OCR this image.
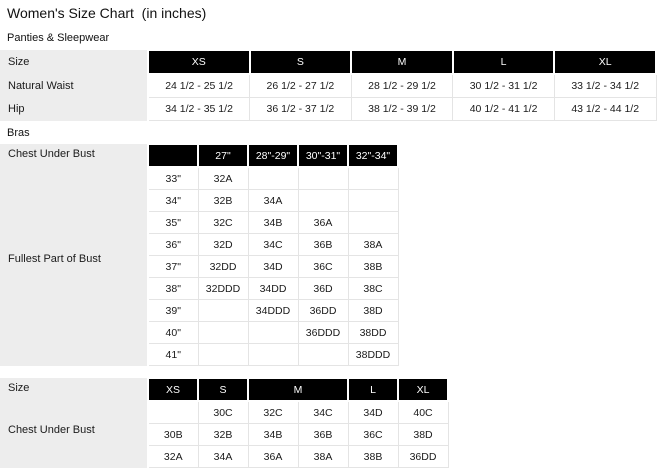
Women's Size Chart  (in inches)
Panties & Sleepwear
Size	XS	S	M	L	XL
Natural Waist	24 1/2 - 25 1/2	26 1/2 - 27 1/2	28 1/2 - 29 1/2	30 1/2 - 31 1/2	33 1/2 - 34 1/2
Hip	34 1/2 - 35 1/2	36 1/2 - 37 1/2	38 1/2 - 39 1/2	40 1/2 - 41 1/2	43 1/2 - 44 1/2
Bras
Chest Under Bust
Fullest Part of Bust		27"	28"-29"	30"-31"	32"-34"
	33"	32A			
	34"	32B	34A		
	35"	32C	34B	36A	
	36"	32D	34C	36B	38A
	37"	32DD	34D	36C	38B
	38"	32DDD	34DD	36D	38C
	39"		34DDD	36DD	38D
	40"			36DDD	38DD
	41"				38DDD
Size
Chest Under Bust	XS	S	M		L	XL
		30C	32C	34C	34D	40C
	30B	32B	34B	36B	36C	38D
	32A	34A	36A	38A	38B	36DD
